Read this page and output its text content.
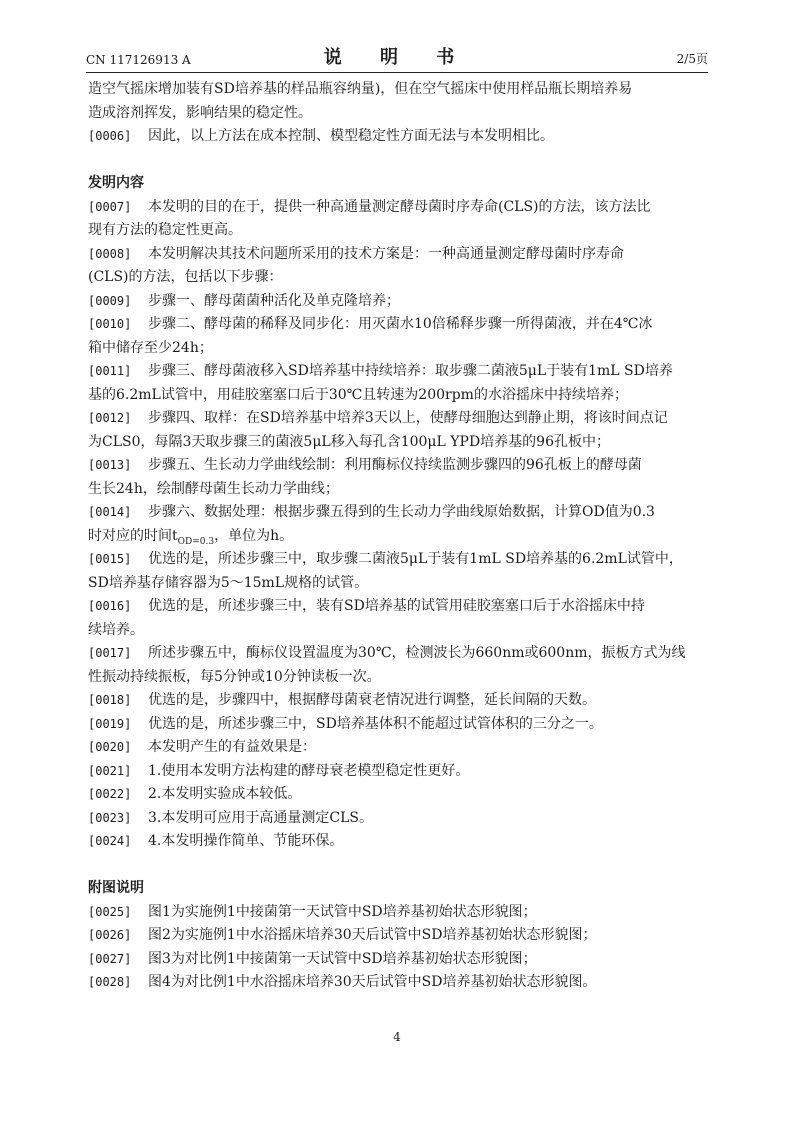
CN 117126913 A	说 明 书	2/5页
造空气摇床增加装有SD培养基的样品瓶容纳量)，但在空气摇床中使用样品瓶长期培养易
造成溶剂挥发，影响结果的稳定性。
[0006]	因此，以上方法在成本控制、模型稳定性方面无法与本发明相比。
发明内容
[0007]	本发明的目的在于，提供一种高通量测定酵母菌时序寿命(CLS)的方法，该方法比
现有方法的稳定性更高。
[0008]	本发明解决其技术问题所采用的技术方案是：一种高通量测定酵母菌时序寿命
(CLS)的方法，包括以下步骤：
[0009]	步骤一、酵母菌菌种活化及单克隆培养；
[0010]	步骤二、酵母菌的稀释及同步化：用灭菌水10倍稀释步骤一所得菌液，并在4℃冰
箱中储存至少24h；
[0011]	步骤三、酵母菌液移入SD培养基中持续培养：取步骤二菌液5μL于装有1mL SD培养
基的6.2mL试管中，用硅胶塞塞口后于30℃且转速为200rpm的水浴摇床中持续培养；
[0012]	步骤四、取样：在SD培养基中培养3天以上，使酵母细胞达到静止期，将该时间点记
为CLS0，每隔3天取步骤三的菌液5μL移入每孔含100μL YPD培养基的96孔板中；
[0013]	步骤五、生长动力学曲线绘制：利用酶标仪持续监测步骤四的96孔板上的酵母菌
生长24h，绘制酵母菌生长动力学曲线；
[0014]	步骤六、数据处理：根据步骤五得到的生长动力学曲线原始数据，计算OD值为0.3
时对应的时间$t_{OD=0.3}$，单位为h。
[0015]	优选的是，所述步骤三中，取步骤二菌液5μL于装有1mL SD培养基的6.2mL试管中，
SD培养基存储容器为5～15mL规格的试管。
[0016]	优选的是，所述步骤三中，装有SD培养基的试管用硅胶塞塞口后于水浴摇床中持
续培养。
[0017]	所述步骤五中，酶标仪设置温度为30℃，检测波长为660nm或600nm，振板方式为线
性振动持续振板，每5分钟或10分钟读板一次。
[0018]	优选的是，步骤四中，根据酵母菌衰老情况进行调整，延长间隔的天数。
[0019]	优选的是，所述步骤三中，SD培养基体积不能超过试管体积的三分之一。
[0020]	本发明产生的有益效果是：
[0021]	1.使用本发明方法构建的酵母衰老模型稳定性更好。
[0022]	2.本发明实验成本较低。
[0023]	3.本发明可应用于高通量测定CLS。
[0024]	4.本发明操作简单、节能环保。
附图说明
[0025]	图1为实施例1中接菌第一天试管中SD培养基初始状态形貌图；
[0026]	图2为实施例1中水浴摇床培养30天后试管中SD培养基初始状态形貌图；
[0027]	图3为对比例1中接菌第一天试管中SD培养基初始状态形貌图；
[0028]	图4为对比例1中水浴摇床培养30天后试管中SD培养基初始状态形貌图。
4
